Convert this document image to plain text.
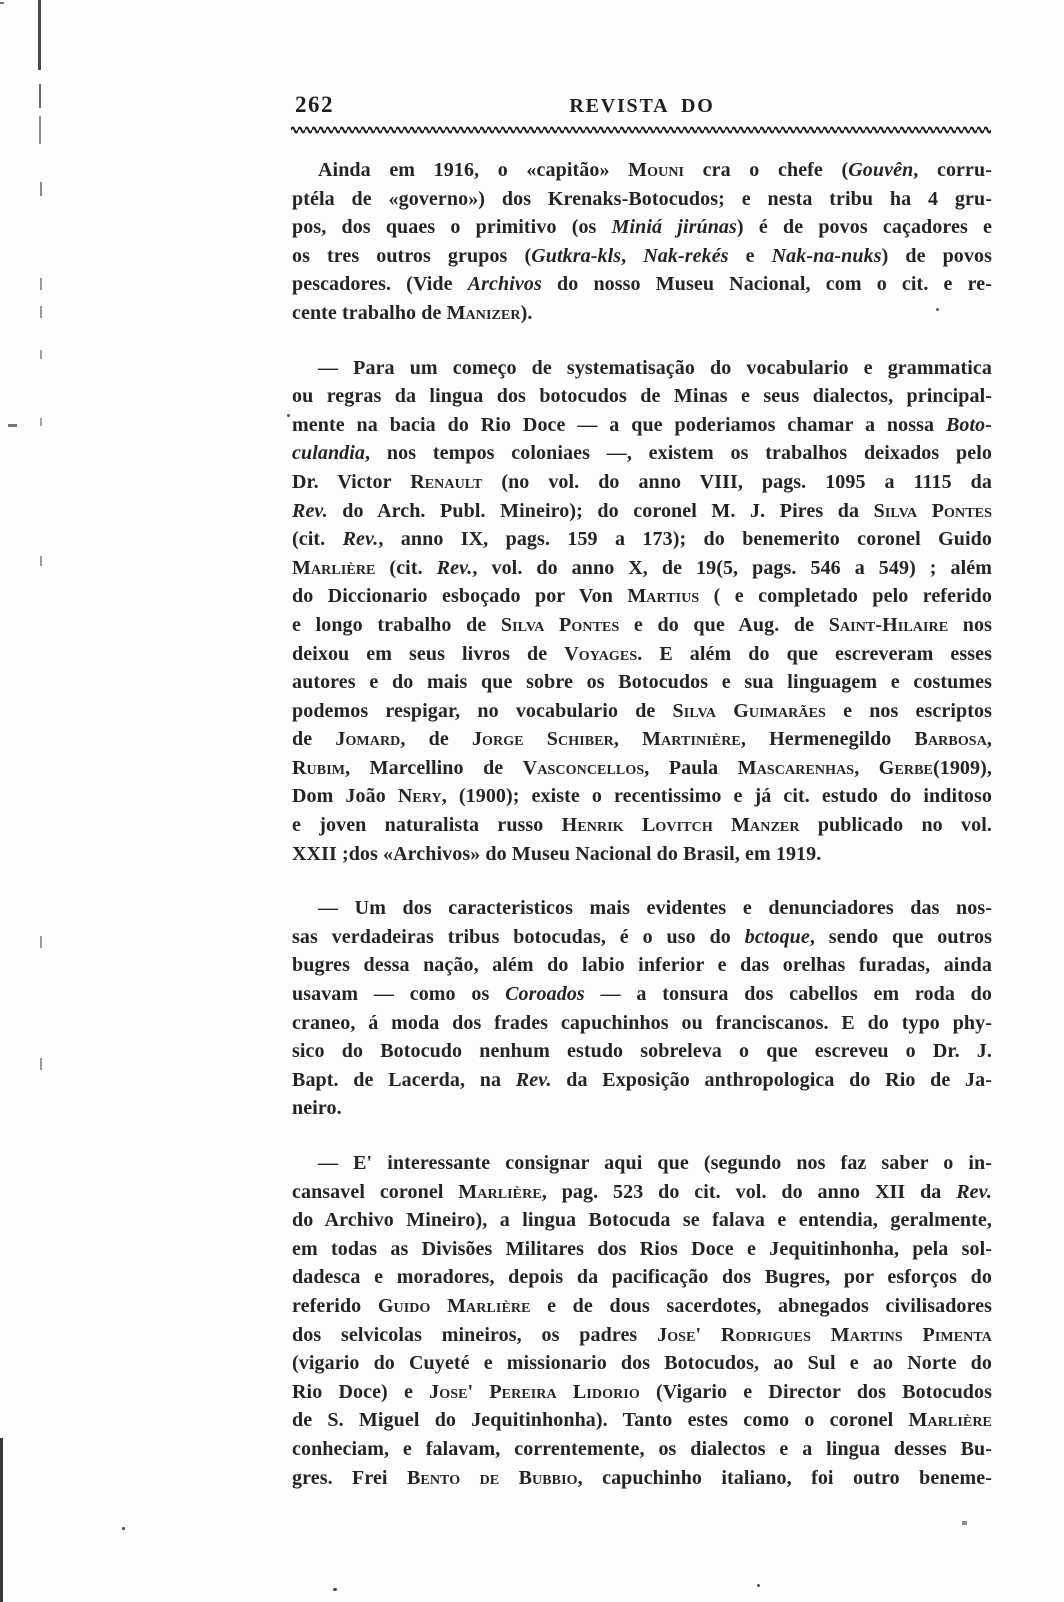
262	REVISTA DO
Ainda em 1916, o «capitão» Mouni cra o chefe (Gouvên, corru-
ptéla de «governo») dos Krenaks-Botocudos; e nesta tribu ha 4 gru-
pos, dos quaes o primitivo (os Miniá jirúnas) é de povos caçadores e
os tres outros grupos (Gutkra-kls, Nak-rekés e Nak-na-nuks) de povos
pescadores. (Vide Archivos do nosso Museu Nacional, com o cit. e re-
cente trabalho de Manizer).
— Para um começo de systematisação do vocabulario e grammatica
ou regras da lingua dos botocudos de Minas e seus dialectos, principal-
mente na bacia do Rio Doce — a que poderiamos chamar a nossa Boto-
culandia, nos tempos coloniaes —, existem os trabalhos deixados pelo
Dr. Victor Renault (no vol. do anno VIII, pags. 1095 a 1115 da
Rev. do Arch. Publ. Mineiro); do coronel M. J. Pires da Silva Pontes
(cit. Rev., anno IX, pags. 159 a 173); do benemerito coronel Guido
Marlière (cit. Rev., vol. do anno X, de 19(5, pags. 546 a 549) ; além
do Diccionario esboçado por Von Martius ( e completado pelo referido
e longo trabalho de Silva Pontes e do que Aug. de Saint-Hilaire nos
deixou em seus livros de Voyages. E além do que escreveram esses
autores e do mais que sobre os Botocudos e sua linguagem e costumes
podemos respigar, no vocabulario de Silva Guimarães e nos escriptos
de Jomard, de Jorge Schiber, Martinière, Hermenegildo Barbosa,
Rubim, Marcellino de Vasconcellos, Paula Mascarenhas, Gerbe(1909),
Dom João Nery, (1900); existe o recentissimo e já cit. estudo do inditoso
e joven naturalista russo Henrik Lovitch Manzer publicado no vol.
XXII ;dos «Archivos» do Museu Nacional do Brasil, em 1919.
— Um dos caracteristicos mais evidentes e denunciadores das nos-
sas verdadeiras tribus botocudas, é o uso do bctoque, sendo que outros
bugres dessa nação, além do labio inferior e das orelhas furadas, ainda
usavam — como os Coroados — a tonsura dos cabellos em roda do
craneo, á moda dos frades capuchinhos ou franciscanos. E do typo phy-
sico do Botocudo nenhum estudo sobreleva o que escreveu o Dr. J.
Bapt. de Lacerda, na Rev. da Exposição anthropologica do Rio de Ja-
neiro.
— E' interessante consignar aqui que (segundo nos faz saber o in-
cansavel coronel Marlière, pag. 523 do cit. vol. do anno XII da Rev.
do Archivo Mineiro), a lingua Botocuda se falava e entendia, geralmente,
em todas as Divisões Militares dos Rios Doce e Jequitinhonha, pela sol-
dadesca e moradores, depois da pacificação dos Bugres, por esforços do
referido Guido Marlière e de dous sacerdotes, abnegados civilisadores
dos selvicolas mineiros, os padres Jose' Rodrigues Martins Pimenta
(vigario do Cuyeté e missionario dos Botocudos, ao Sul e ao Norte do
Rio Doce) e Jose' Pereira Lidorio (Vigario e Director dos Botocudos
de S. Miguel do Jequitinhonha). Tanto estes como o coronel Marlière
conheciam, e falavam, correntemente, os dialectos e a lingua desses Bu-
gres. Frei Bento de Bubbio, capuchinho italiano, foi outro beneme-
